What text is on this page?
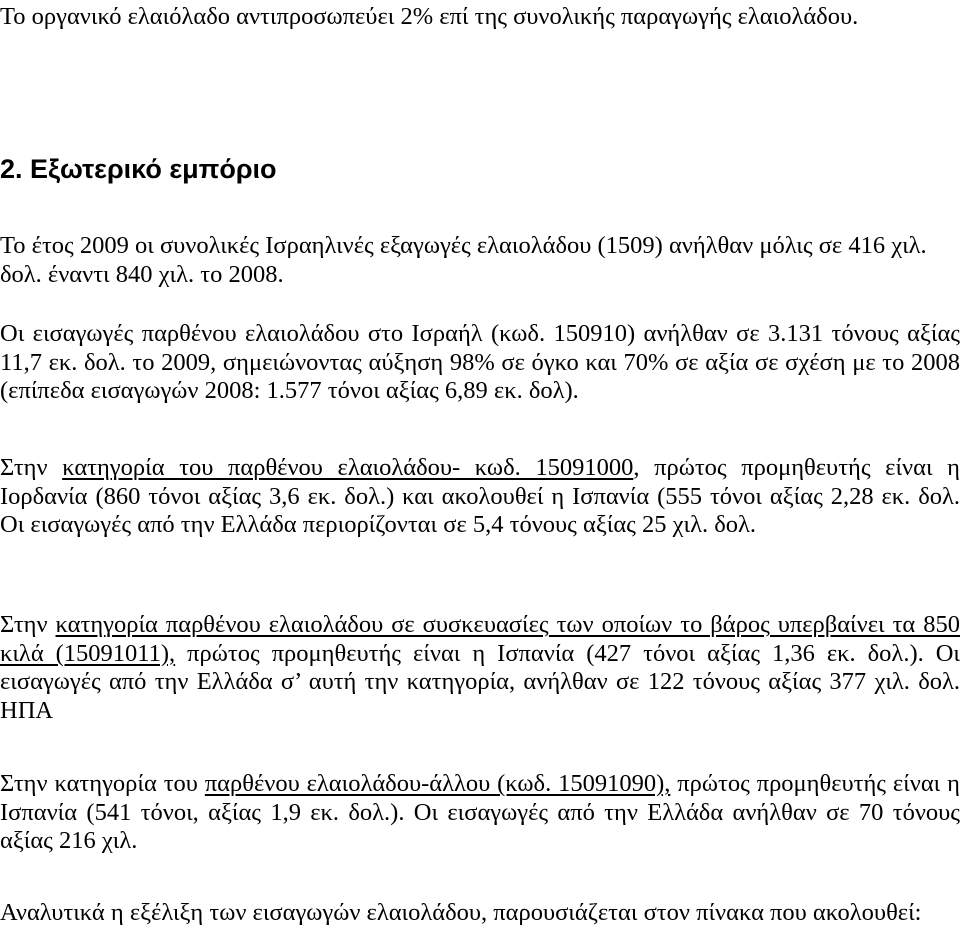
Το οργανικό ελαιόλαδο αντιπροσωπεύει 2% επί της συνολικής παραγωγής ελαιολάδου.

2. Εξωτερικό εμπόριο

Το έτος 2009 οι συνολικές Ισραηλινές εξαγωγές ελαιολάδου (1509) ανήλθαν μόλις σε 416 χιλ. δολ. έναντι 840 χιλ. το 2008.

Οι εισαγωγές παρθένου ελαιολάδου στο Ισραήλ (κωδ. 150910) ανήλθαν σε 3.131 τόνους αξίας 11,7 εκ. δολ. το 2009, σημειώνοντας αύξηση 98% σε όγκο και 70% σε αξία σε σχέση με το 2008 (επίπεδα εισαγωγών 2008: 1.577 τόνοι αξίας 6,89 εκ. δολ).

Στην κατηγορία του παρθένου ελαιολάδου- κωδ. 15091000, πρώτος προμηθευτής είναι η Ιορδανία (860 τόνοι αξίας 3,6 εκ. δολ.) και ακολουθεί η Ισπανία (555 τόνοι αξίας 2,28 εκ. δολ. Οι εισαγωγές από την Ελλάδα περιορίζονται σε 5,4 τόνους αξίας 25 χιλ. δολ.

Στην κατηγορία παρθένου ελαιολάδου σε συσκευασίες των οποίων το βάρος υπερβαίνει τα 850 κιλά (15091011), πρώτος προμηθευτής είναι η Ισπανία (427 τόνοι αξίας 1,36 εκ. δολ.). Οι εισαγωγές από την Ελλάδα σ’ αυτή την κατηγορία, ανήλθαν σε 122 τόνους αξίας 377 χιλ. δολ. ΗΠΑ

Στην κατηγορία του παρθένου ελαιολάδου-άλλου (κωδ. 15091090), πρώτος προμηθευτής είναι η Ισπανία (541 τόνοι, αξίας 1,9 εκ. δολ.). Οι εισαγωγές από την Ελλάδα ανήλθαν σε 70 τόνους αξίας 216 χιλ.

Αναλυτικά η εξέλιξη των εισαγωγών ελαιολάδου, παρουσιάζεται στον πίνακα που ακολουθεί:
